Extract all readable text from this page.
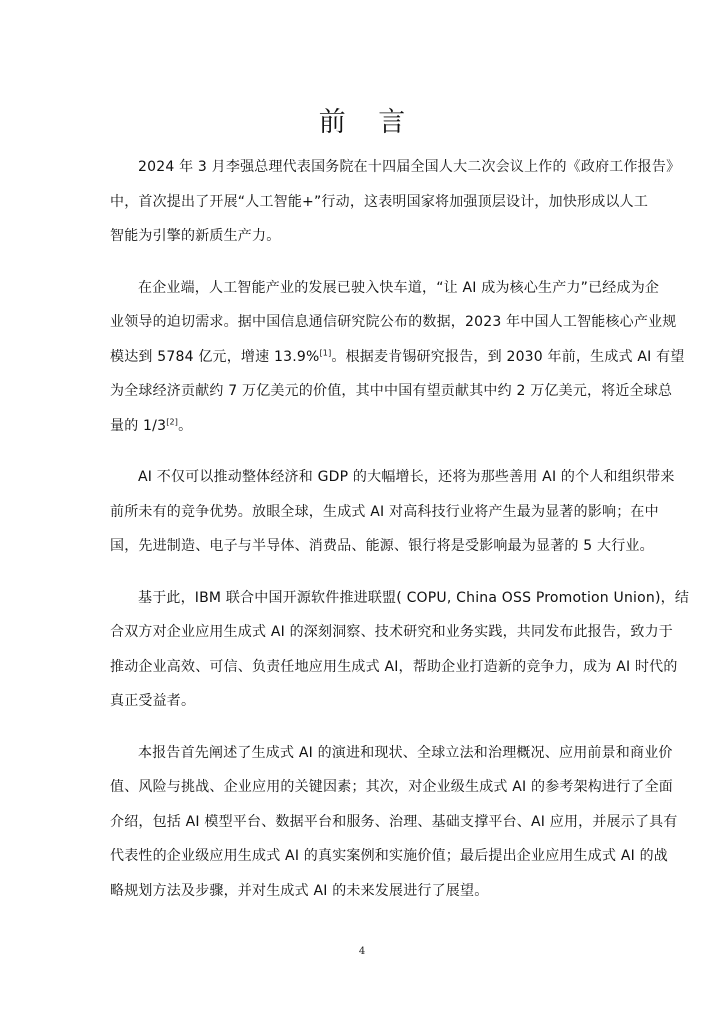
前 言

2024 年 3 月李强总理代表国务院在十四届全国人大二次会议上作的《政府工作报告》
中，首次提出了开展“人工智能+”行动，这表明国家将加强顶层设计，加快形成以人工
智能为引擎的新质生产力。

在企业端，人工智能产业的发展已驶入快车道，“让 AI 成为核心生产力”已经成为企
业领导的迫切需求。据中国信息通信研究院公布的数据，2023 年中国人工智能核心产业规
模达到 5784 亿元，增速 13.9%[1]。根据麦肯锡研究报告，到 2030 年前，生成式 AI 有望
为全球经济贡献约 7 万亿美元的价值，其中中国有望贡献其中约 2 万亿美元，将近全球总
量的 1/3[2]。

AI 不仅可以推动整体经济和 GDP 的大幅增长，还将为那些善用 AI 的个人和组织带来
前所未有的竞争优势。放眼全球，生成式 AI 对高科技行业将产生最为显著的影响；在中
国，先进制造、电子与半导体、消费品、能源、银行将是受影响最为显著的 5 大行业。

基于此，IBM 联合中国开源软件推进联盟( COPU, China OSS Promotion Union)，结
合双方对企业应用生成式 AI 的深刻洞察、技术研究和业务实践，共同发布此报告，致力于
推动企业高效、可信、负责任地应用生成式 AI，帮助企业打造新的竞争力，成为 AI 时代的
真正受益者。

本报告首先阐述了生成式 AI 的演进和现状、全球立法和治理概况、应用前景和商业价
值、风险与挑战、企业应用的关键因素；其次，对企业级生成式 AI 的参考架构进行了全面
介绍，包括 AI 模型平台、数据平台和服务、治理、基础支撑平台、AI 应用，并展示了具有
代表性的企业级应用生成式 AI 的真实案例和实施价值；最后提出企业应用生成式 AI 的战
略规划方法及步骤，并对生成式 AI 的未来发展进行了展望。

4
